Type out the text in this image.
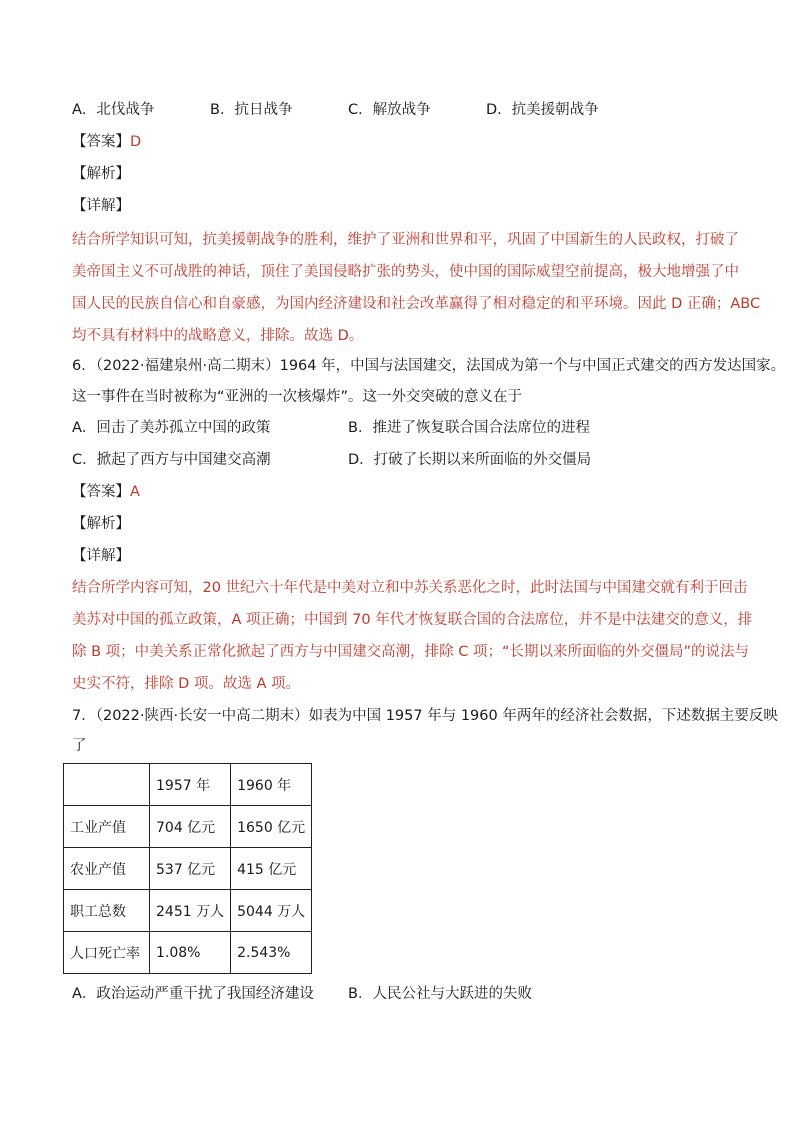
A．北伐战争	B．抗日战争	C．解放战争	D．抗美援朝战争
【答案】D
【解析】
【详解】
结合所学知识可知，抗美援朝战争的胜利，维护了亚洲和世界和平，巩固了中国新生的人民政权，打破了
美帝国主义不可战胜的神话，顶住了美国侵略扩张的势头，使中国的国际威望空前提高，极大地增强了中
国人民的民族自信心和自豪感，为国内经济建设和社会改革赢得了相对稳定的和平环境。因此 D 正确；ABC
均不具有材料中的战略意义，排除。故选 D。
6．（2022·福建泉州·高二期末）1964 年，中国与法国建交，法国成为第一个与中国正式建交的西方发达国家。
这一事件在当时被称为“亚洲的一次核爆炸”。这一外交突破的意义在于
A．回击了美苏孤立中国的政策	B．推进了恢复联合国合法席位的进程
C．掀起了西方与中国建交高潮	D．打破了长期以来所面临的外交僵局
【答案】A
【解析】
【详解】
结合所学内容可知，20 世纪六十年代是中美对立和中苏关系恶化之时，此时法国与中国建交就有利于回击
美苏对中国的孤立政策，A 项正确；中国到 70 年代才恢复联合国的合法席位，并不是中法建交的意义，排
除 B 项；中美关系正常化掀起了西方与中国建交高潮，排除 C 项；“长期以来所面临的外交僵局”的说法与
史实不符，排除 D 项。故选 A 项。
7．（2022·陕西·长安一中高二期末）如表为中国 1957 年与 1960 年两年的经济社会数据，下述数据主要反映
了
	1957 年	1960 年
工业产值	704 亿元	1650 亿元
农业产值	537 亿元	415 亿元
职工总数	2451 万人	5044 万人
人口死亡率	1.08%	2.543%
A．政治运动严重干扰了我国经济建设 B．人民公社与大跃进的失败
